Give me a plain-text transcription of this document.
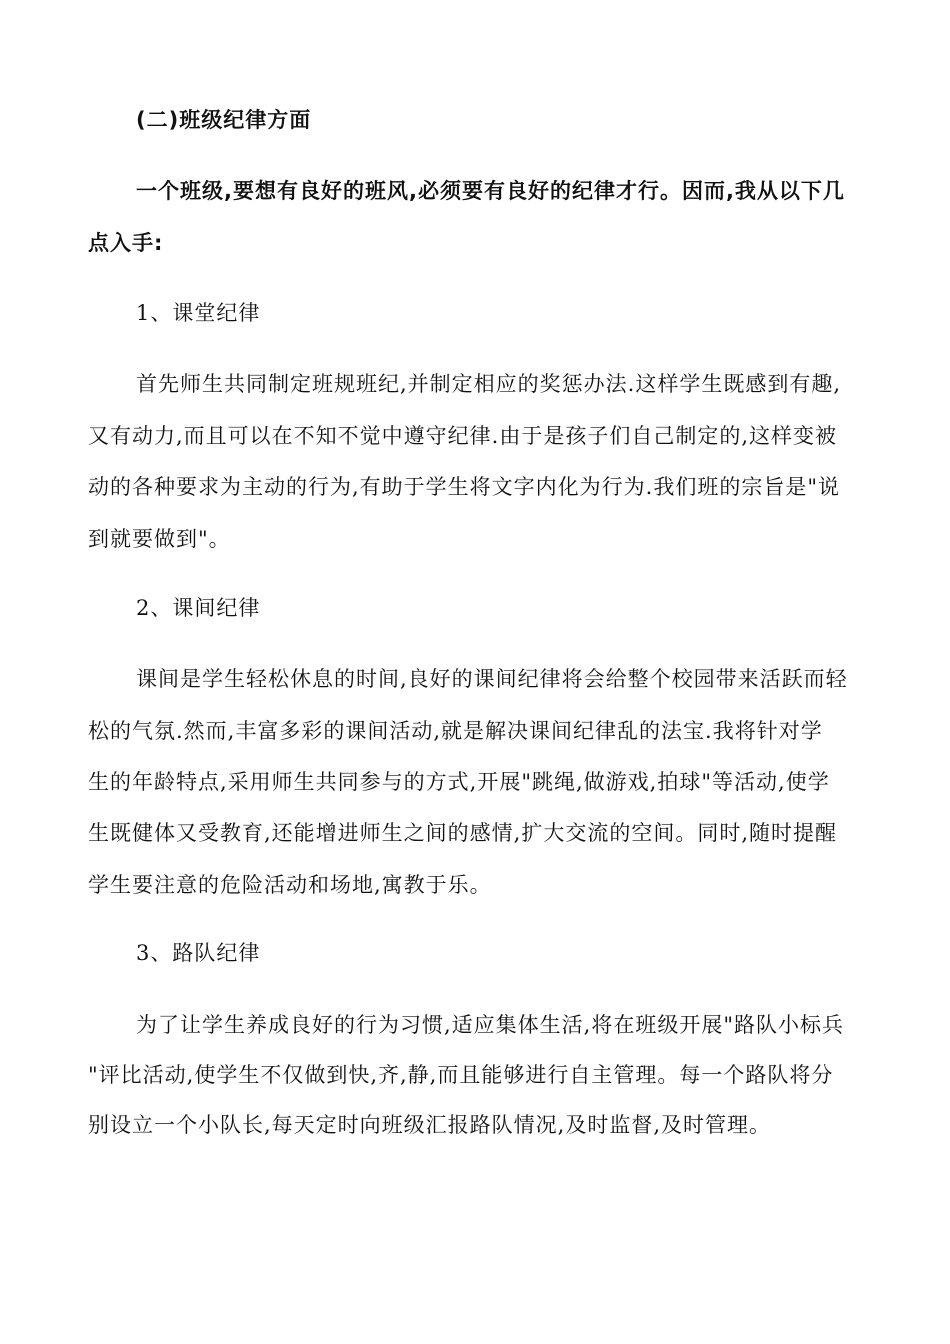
(二)班级纪律方面
一个班级,要想有良好的班风,必须要有良好的纪律才行。因而,我从以下几
点入手:
1、课堂纪律
首先师生共同制定班规班纪,并制定相应的奖惩办法.这样学生既感到有趣,
又有动力,而且可以在不知不觉中遵守纪律.由于是孩子们自己制定的,这样变被
动的各种要求为主动的行为,有助于学生将文字内化为行为.我们班的宗旨是"说
到就要做到"。
2、课间纪律
课间是学生轻松休息的时间,良好的课间纪律将会给整个校园带来活跃而轻
松的气氛.然而,丰富多彩的课间活动,就是解决课间纪律乱的法宝.我将针对学
生的年龄特点,采用师生共同参与的方式,开展"跳绳,做游戏,拍球"等活动,使学
生既健体又受教育,还能增进师生之间的感情,扩大交流的空间。同时,随时提醒
学生要注意的危险活动和场地,寓教于乐。
3、路队纪律
为了让学生养成良好的行为习惯,适应集体生活,将在班级开展"路队小标兵
"评比活动,使学生不仅做到快,齐,静,而且能够进行自主管理。每一个路队将分
别设立一个小队长,每天定时向班级汇报路队情况,及时监督,及时管理。
